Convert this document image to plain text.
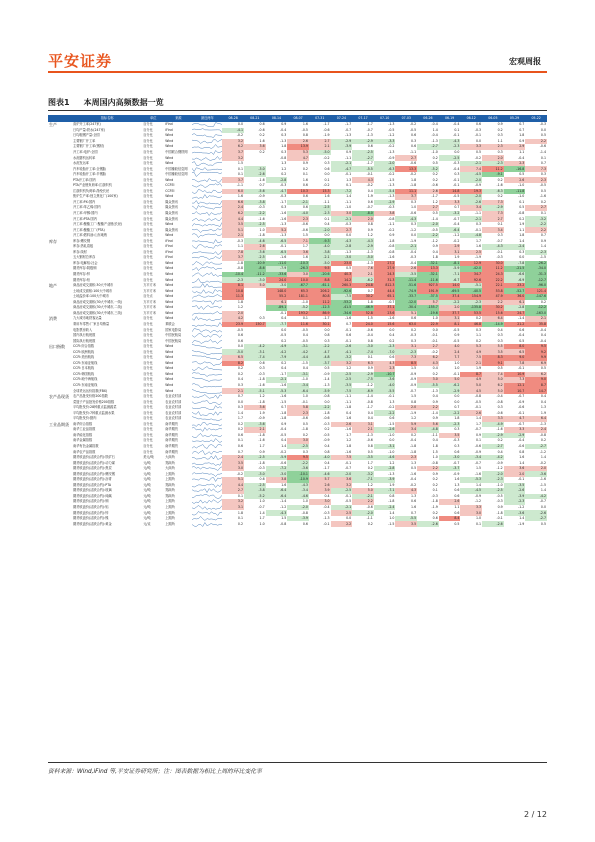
平安证券	宏观周报
图表1 本周国内高频数据一览
	指标名称	单位	来源	最近两年	08-28	08-21	08-14	08-07	07-31	07-24	07-17	07-10	07-03	06-26	06-19	06-12	06-05	05-29	05-22
生产	高炉开工率(247家)	百分比	iFind		0.0	0.6	0.9	1.6	-1.7	-1.7	-1.7	-1.3	-0.2	-0.4	-0.4	0.6	0.9	0.7	-0.3
	日均产量:铁水(247家)	百分比	iFind		-4.1	-0.6	-0.4	-0.5	-0.6	-0.7	-0.7	-0.5	-0.5	1.4	0.1	-0.3	0.2	0.7	0.0
	日均粗钢产量:全国	百分比	Wind		-0.2	0.2	0.3	0.8	-1.9	-1.3	-1.3	-1.2	0.6	-0.4	-0.1	-0.1	0.3	1.8	0.5
	主要钢厂开工率	百分比	Wind		3.2	1.6	-1.3	2.6	2.7	-2.9	-2.9	-3.3	0.3	-1.3	-4.3	0.0	1.1	0.9	2.2
	主要钢厂开工率(钢材)	百分比	Wind		6.2	3.6	1.8	13.9	2.1	-3.9	0.6	-0.2	0.6	-2.7	-2.3	3.3	2.3	2.9	-0.6
	开工率:电炉:全国	百分比	中国联合钢铁网		3.7	0.2	0.3	5.3	-5.0	0.9	-2.5	-1.3	-1.1	-1.0	0.0	0.5	0.3	1.1	-1.4
	水泥磨机运转率	百分比	Wind		3.2		-0.8	4.7	-0.2	-1.1	-2.7	-0.9	2.7	0.2	-2.5	-0.2	2.0	-0.4	0.1
	水泥发运率	百分比	Wind		1.5		1.3	0.9	0.3	-2.1	-1.7	-2.0	-0.6	0.5	-0.3	-2.1	-2.3	2.3	0.7
	汽车轮胎开工率:全钢胎	百分比	中国橡胶信息网		0.1	-3.0	1.2	0.2	0.6	-4.7	-5.5	-6.3	13.3	-5.2	-0.4	7.4	11.2	-16.8	7.3
	汽车轮胎开工率:半钢胎	百分比	中国橡胶信息网		0.1	-2.6	0.2	0.1	0.0	-0.1	-0.1	-0.2	-0.2	0.2	0.3	-4.5	-9.1	0.5	0.3
	PTA开工率:国内	百分比	Wind		3.7	-1.6	-2.8	1.6	0.1	1.3	4.3	-1.5	1.8	0.2	-0.1	-2.0	0.2	2.6	2.3
	PTA产业链负荷率:江浙织机	百分比	CCFEI		-1.1	0.7	-0.3	0.6	-0.2	0.1	-0.2	-1.3	-1.8	-0.6	-0.1	-0.9	-1.6	-1.0	-0.5
	江浙织机负荷率:涤纶长丝	百分比	CCFEI		6.0	-5.6	-4.7	10.3	15.3	-7.2	0.4	-5.4	11.1	2.6	14.8	19.3	-6.3	-11.8	0.5
	焦炉生产率:独立焦化厂(100家)	百分比	Wind		1.6	-0.9	-0.3	0.6	1.6	1.4	1.9	-1.3	3.7	-1.7	-0.5	-2.0	0.2	-1.0	-1.6
	开工率:PX:国内	百分比	隆众资讯		6.6	-3.8	-1.7	-2.1	-1.1	-1.1	0.6	-2.9	0.3	1.2	3.3	-2.6	7.3	0.1	0.2
	开工率:苯乙烯:国内	百分比	隆众资讯		2.4	-0.3	0.3	0.6	-2.5	-1.0	-0.7	-0.3	1.0	2.7	0.7	3.4	-2.9	0.5	2.7
	开工率:甲醇:国内	百分比	隆众资讯		6.2	-2.2	-1.6	-4.0	-2.3	3.0	-8.0	3.8	-0.6	0.5	-3.2	-1.1	7.3	-0.8	0.1
	开工率:PTA:国内	百分比	隆众资讯		4.4	-1.6	-1.6	2.3	0.1	-2.1	2.0	-0.8	-4.3	-1.4	-0.7	-2.1	2.7	0.2	-3.2
	开工率:聚酯工厂:聚酯产业链(长丝)	百分比	Wind		3.5	-2.5	-1.3	-0.6	0.4	-0.3	0.8	-1.1	0.3	-2.0	-0.4	0.3	0.1	1.9	-2.2
	开工率:聚酯工厂(PTA)	百分比	隆众资讯		5.1	1.0	5.2	-0.6	-2.0	2.7	0.9	-0.2	-1.2	-0.5	-6.4	-0.1	3.4	1.1	2.2
	开工率:燃料油:山东地炼	百分比	Wind		2.1	-1.8	-1.3	1.5	0.0	0.0	1.2	0.9	0.0	-2.2	-1.2	-4.8	0.3	1.8	0.7
库存	库存:螺纹钢	百分比	iFind		-0.3	-4.6	-6.5	7.1	-9.3	-4.3	-4.3	-1.8	-1.9	-1.2	-0.2	1.7	-0.7	1.4	0.9
	库存:热轧卷板	百分比	iFind		1.1	2.6	-0.1	1.7	-4.0	-2.8	-2.9	-0.8	-2.1	0.9	2.9	1.6	-4.3	-2.4	1.4
	库存:线材	百分比	iFind		7.8	-3.6	-6.5	3.6	-3.8	-1.3	-1.3	-0.8	-0.4	0.4	3.1	2.5	-0.1	0.3	-2.3
	五大钢材总库存	百分比	iFind		3.7	-2.5	-1.6	1.6	-2.1	-3.0	-5.0	-1.6	-0.3	1.8	1.9	-1.9	-0.3	0.0	-1.5
	库存:电解铝:社会	百分比	Wind		-1.8	-10.9	-11.0	-10.3	-5.0	23.0	-1.3	27.2	-0.4	-32.1	-8.1	12.9	30.0	-7.8	-26.2
	期货库存:阴极铜	百分比	Wind		-0.8	-8.6	-7.9	-26.3	9.5	0.5	7.6	27.9	2.6	13.3	-5.9	-42.0	11.2	-21.5	-34.0
	期货库存:锌	百分比	Wind		-10.4	-11.2	-33.6	3.0	-20.6	40.3	2.1	24.3	-3.5	-32.1	-7.1	34.7	24.3	-6.6	-31.3
	期货库存:铅	百分比	Wind		-2.3	-3.0	24.0	10.0	8.8	14.2	-6.2	31.3	-11.4	-11.6	-6.7	92.6	22.2	-6.9	-12.7
地产	商品房成交面积:30大中城市	万平方米	Wind		8.1	5.0	-3.0	-67.7	-61.1	260.3	24.8	812.3	-51.6	927.5	14.0	-5.1	22.1	23.2	-96.0
	土地成交面积:100大中城市	万平方米	Wind		10.8		148.0	65.3	206.2	-92.6	0.7	44.4	-74.9	191.9	-69.5	-40.5	53.8	-52.7	121.4
	土地溢价率:100大中城市	百分点	Wind		11.3		55.2	181.1	80.8	-7.5	30.2	65.1	-33.7	-37.5	37.4	154.9	47.9	36.0	-147.6
	商品房成交面积(30大中城市,一线)	万平方米	Wind		1.8		6.1	-1.0	11.2	-53.2	1.8	-0.7	-12.0	5.7	-2.2	-2.3	2.2	6.1	0.2
	商品房成交面积(30大中城市,二线)	万平方米	Wind		1.2		-89.1	-5.2	-12.3	-41.5	-46.9	37.1	-30.4	-155.7	2.0	-135.8	30.2	-2.8	-12.2
	商品房成交面积(30大中城市,三线)	万平方米	Wind		2.0		-0.1	193.2	86.9	-34.6	52.8	23.6	5.1	-19.6	37.7	53.5	15.6	24.7	-163.0
消费	九大城市地铁客运量	百分比	Wind		4.2	0.3	0.4	0.1	-1.7	-1.6	1.5	-1.6	0.6	1.0	3.1	0.2	6.4	-1.4	2.1
	乘用车零售:厂家日均销量	百分比	乘联会		23.9	150.7	-7.7	11.6	30.1	0.7	24.0	15.6	63.0	22.9	8.1	46.8	-14.9	21.2	35.8
	电影票房收入	百分比	国家电影局		-0.5		0.0	-0.5	0.0	-0.1	-0.6	0.0	0.2	0.0	-0.5	0.3	0.4	0.6	-0.4
	国内执行航班数	百分比	中国民航局		0.6		-0.5	0.4	0.8	0.6	-0.4	0.4	-0.3	-0.1	0.9	1.1	0.3	-0.4	0.4
	国际执行航班数	百分比	中国民航局		0.6		0.2	-0.5	0.3	-0.1	0.8	0.2	0.3	-0.1	-0.5	0.2	0.3	0.5	-0.4
出口指数	CCFI:综合指数	百分比	Wind		0.0	-4.2	-4.9	-3.1	-2.2	-2.6	-3.0	-2.3	3.1	2.7	4.0	5.3	5.5	8.0	9.5
	CCFI:欧洲航线	百分比	Wind		-5.0	-3.1	-4.2	-4.2	-4.7	-4.1	-7.4	-7.0	-2.3	-0.2	2.4	4.9	3.5	6.5	9.2
	CCFI:美西航线	百分比	Wind		6.5	-7.4	-7.9	-4.4	-4.8	-3.2	0.1	0.6	7.3	6.2	7.7	7.5	8.3	9.0	9.9
	CCFI:东南亚航线	百分比	Wind		8.2	0.6	0.2	-1.5	-3.7	3.2	6.3	4.3	8.5	4.3	1.0	2.1	9.1	7.8	6.9
	CCFI:日本航线	百分比	Wind		0.2	0.3	0.4	0.4	0.5	1.2	0.9	2.3	1.5	0.4	1.0	1.9	0.5	-0.1	0.5
	CCFI:韩国航线	百分比	Wind		0.2	-0.3	-1.7	-3.1	-0.9	-2.5	-2.9	-10.7	-0.9	0.2	-0.1	8.7	7.4	10.9	6.2
	CCFI:地中海航线	百分比	Wind		0.4	-1.8	-2.1	-1.0	-1.4	-2.5	-7.5	-3.6	-0.9	3.0	5.0	4.9	5.0	7.3	9.0
	CCFI:东南亚航线	百分比	Wind		0.3	-1.6	-1.6	-3.4	-1.3	-3.5	-1.2	-4.0	-0.9	-5.5	-6.2	5.0	6.2	12.1	8.7
	全球货运运价指数(FBX)	百分比	Wind		2.1	-5.1	-5.3	-6.4	-5.9	-7.5	-6.9	-5.5	-0.7	-1.3	-2.9	4.5	5.0	10.7	14.7
农产品现货	农产品批发价格200指数	百分比	农业农村部		0.7	1.2	-1.6	1.0	-0.8	-1.1	-1.4	-0.1	1.5	0.4	0.0	-0.8	-0.4	-0.7	0.4
	菜篮子产品批发价格200指数	百分比	农业农村部		0.0	-1.8	-1.5	-0.1	0.0	-1.1	-0.8	1.3	0.8	0.9	0.0	-0.5	-0.8	-0.9	0.4
	平均批发价:28种重点监测蔬菜	百分比	农业农村部		0.3	3.6	0.7	5.8	-2.2	-1.8	-1.7	-0.2	2.0	2.2	0.7	-0.1	0.3	-0.6	1.3
	平均批发价:7种重点监测水果	百分比	农业农村部		1.4	1.9	-1.8	2.3	-1.8	0.4	0.4	-2.2	-1.9	-1.4	-2.2	2.6	-0.6	-0.1	1.9
	平均批发价:猪肉	百分比	农业农村部		1.7	-0.9	-1.8	-0.6	-0.6	1.6	0.4	0.6	1.2	0.9	1.8	1.4	3.3	4.7	6.4
工业品期货	南华综合指数	百分比	南华期货		0.2	-3.6	0.9	0.5	-0.3	2.6	3.1	-1.5	5.9	5.6	-2.3	1.7	-4.9	-0.7	-1.3
	南华工业品指数	百分比	南华期货		0.2	2.1	-0.4	-1.8	0.2	-1.6	2.1	-2.6	3.4	-4.8	0.3	-0.7	-1.6	3.3	2.4
	南华能化指数	百分比	南华期货		0.6	-1.8	-0.5	0.2	-0.5	1.7	-1.3	-1.0	0.2	-1.1	3.5	0.9	-2.9	-2.9	-0.8
	南华金属指数	百分比	南华期货		0.1	-1.6	0.4	3.0	-0.9	1.2	-0.6	0.0	-0.4	0.4	-0.3	0.1	0.2	-0.4	0.2
	南华有色金属指数	百分比	南华期货		0.6	1.7	1.4	-2.5	0.4	1.8	0.8	-3.1	-1.8	1.8	0.3	-0.6	-2.7	-0.6	-2.7
	南华农产品指数	百分比	南华期货		0.7	0.9	-0.2	0.3	0.8	-1.6	0.5	-1.0	-1.8	1.5	0.6	-0.9	0.4	0.8	-1.2
	期货收盘价(活跃合约):铁矿石	美元/吨	大商所		2.4	-2.5	-5.9	9.5	-4.0	7.5	-3.5	-4.6	2.3	1.0	-3.0	-3.4	-4.2	1.6	1.4
	期货收盘价(活跃合约):动力煤	元/吨	郑商所		3.5	-1.8	-0.6	-2.2	0.4	-0.1	1.7	1.2	1.3	-0.8	-0.7	-0.7	-0.9	1.4	-0.2
	期货收盘价(活跃合约):焦炭	元/吨	大商所		3.0	-0.3	-7.2	-3.6	-1.7	-0.7	0.2	-2.8	0.5	2.2	-3.7	1.5	-1.2	3.6	2.0
	期货收盘价(活跃合约):螺纹钢	元/吨	上期所		-0.2	-3.0	-3.0	-10.1	-4.6	-2.0	-3.2	-1.3	-1.6	0.9	-0.9	-1.6	-2.0	2.0	-3.6
	期货收盘价(活跃合约):沥青	元/吨	上期所		5.1	0.6	3.8	-10.9	5.7	3.6	-7.1	-3.9	-0.4	0.2	1.6	-5.3	-2.3	-0.1	-1.6
	期货收盘价(活跃合约):PTA	元/吨	郑商所		4.4	-2.5	1.6	-4.3	2.6	3.2	1.2	1.9	-0.2	0.2	1.3	1.4	-1.0	-3.5	-1.5
	期货收盘价(活跃合约):玻璃	元/吨	郑商所		2.7	-3.8	-6.4	-3.4	3.9	-2.5	5.0	-7.1	4.3	0.1	0.6	-4.5	-2.5	-2.6	1.4
	期货收盘价(活跃合约):纯碱	元/吨	郑商所		0.1	-5.2	-6.4	-4.6	0.4	-0.1	-2.1	0.8	1.3	-0.3	0.6	-0.9	-0.5	-3.9	-4.2
	期货收盘价(活跃合约):铜	元/吨	上期所		3.2	1.0	-1.4	1.0	3.0	-0.5	2.2	-1.8	0.6	-1.8	2.6	-1.2	-0.3	-2.3	-0.7
	期货收盘价(活跃合约):铝	元/吨	上期所		3.1	-0.7	-1.2	-2.0	-0.4	-2.1	-0.6	-2.4	1.6	-1.9	1.1	3.3	0.9	-1.2	0.0
	期货收盘价(活跃合约):锌	元/吨	上期所		1.8	1.4	-4.3	-0.8	-0.3	2.5	-2.0	1.4	0.7	0.2	0.6	3.0	-1.8	-3.6	-2.6
	期货收盘价(活跃合约):镍	元/吨	上期所		0.1	1.7	1.5	-3.9	-1.3	0.0	-1.1	1.0	-5.5	0.6	8.4	1.0	-0.1	1.4	-2.7
	期货收盘价(活跃合约):黄金	元/克	上期所		0.2	1.0	-0.8	0.6	-0.1	2.2	0.2	-1.5	3.5	-2.6	0.5	0.1	-2.6	-1.9	0.5
资料来源：Wind,iFind 等,平安证券研究所；注：图表数据为相比上周的环比变化率
2 / 12
